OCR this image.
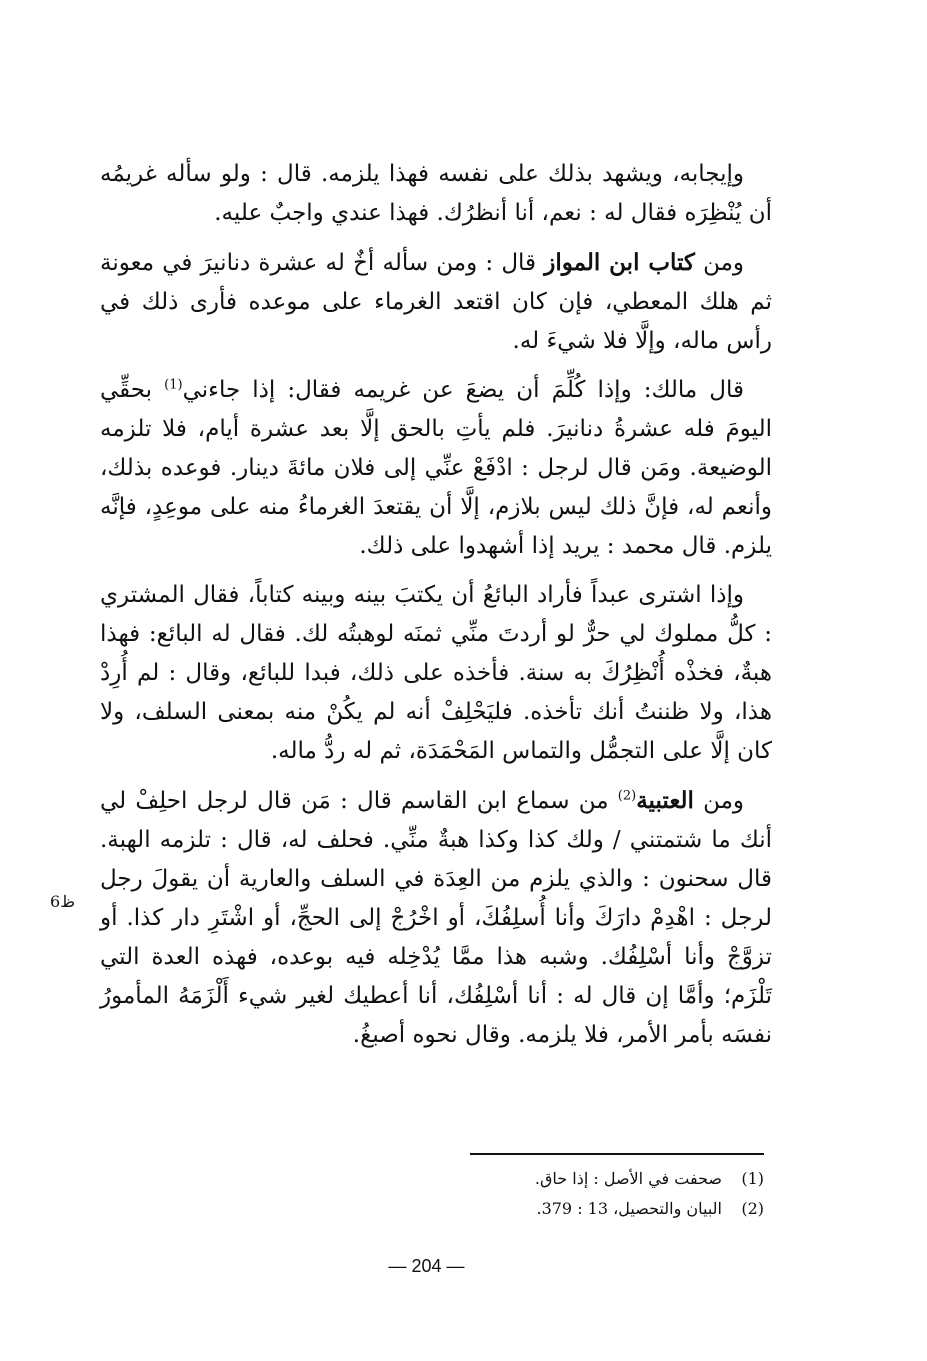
وإيجابه، ويشهد بذلك على نفسه فهذا يلزمه. قال : ولو سأله غريمُه أن يُنْظِرَه فقال له : نعم، أنا أنظرُك. فهذا عندي واجبٌ عليه.

ومن كتاب ابن المواز قال : ومن سأله أخٌ له عشرة دنانيرَ في معونة ثم هلك المعطي، فإن كان اقتعد الغرماء على موعده فأرى ذلك في رأس ماله، وإلَّا فلا شيءَ له.

قال مالك: وإذا كُلِّمَ أن يضعَ عن غريمه فقال: إذا جاءني$^{(1)}$ بحقِّي اليومَ فله عشرةُ دنانيرَ. فلم يأتِ بالحق إلَّا بعد عشرة أيام، فلا تلزمه الوضيعة. ومَن قال لرجل : ادْفَعْ عنِّي إلى فلان مائةَ دينار. فوعده بذلك، وأنعم له، فإنَّ ذلك ليس بلازم، إلَّا أن يقتعدَ الغرماءُ منه على موعِدٍ، فإنَّه يلزم. قال محمد : يريد إذا أشهدوا على ذلك.

وإذا اشترى عبداً فأراد البائعُ أن يكتبَ بينه وبينه كتاباً، فقال المشتري : كلُّ مملوك لي حرٌّ لو أردتَ منِّي ثمنَه لوهبتُه لك. فقال له البائع: فهذا هبةٌ، فخذْه أُنْظِرُكَ به سنة. فأخذه على ذلك، فبدا للبائع، وقال : لم أُرِدْ هذا، ولا ظننتُ أنك تأخذه. فليَحْلِفْ أنه لم يكُنْ منه بمعنى السلف، ولا كان إلَّا على التجمُّل والتماس المَحْمَدَة، ثم له ردُّ ماله.

ومن العتبية$^{(2)}$ من سماع ابن القاسم قال : مَن قال لرجل احلِفْ لي أنك ما شتمتني / ولك كذا وكذا هبةٌ منِّي. فحلف له، قال : تلزمه الهبة. قال سحنون : والذي يلزم من العِدَة في السلف والعارية أن يقولَ رجل لرجل : اهْدِمْ دارَكَ وأنا أُسلِفُكَ، أو اخْرُجْ إلى الحجِّ، أو اشْتَرِ دار كذا. أو تزوَّجْ وأنا أسْلِفُك. وشبه هذا ممَّا يُدْخِله فيه بوعده، فهذه العدة التي تَلْزَم؛ وأمَّا إن قال له : أنا أسْلِفُك، أنا أعطيك لغير شيء أَلْزَمَهُ المأمورُ نفسَه بأمر الأمر، فلا يلزمه. وقال نحوه أصبغُ.

ظ6
(1)
صحفت في الأصل : إذا حاق.
(2)
البيان والتحصيل، 13 : 379.
— 204 —
